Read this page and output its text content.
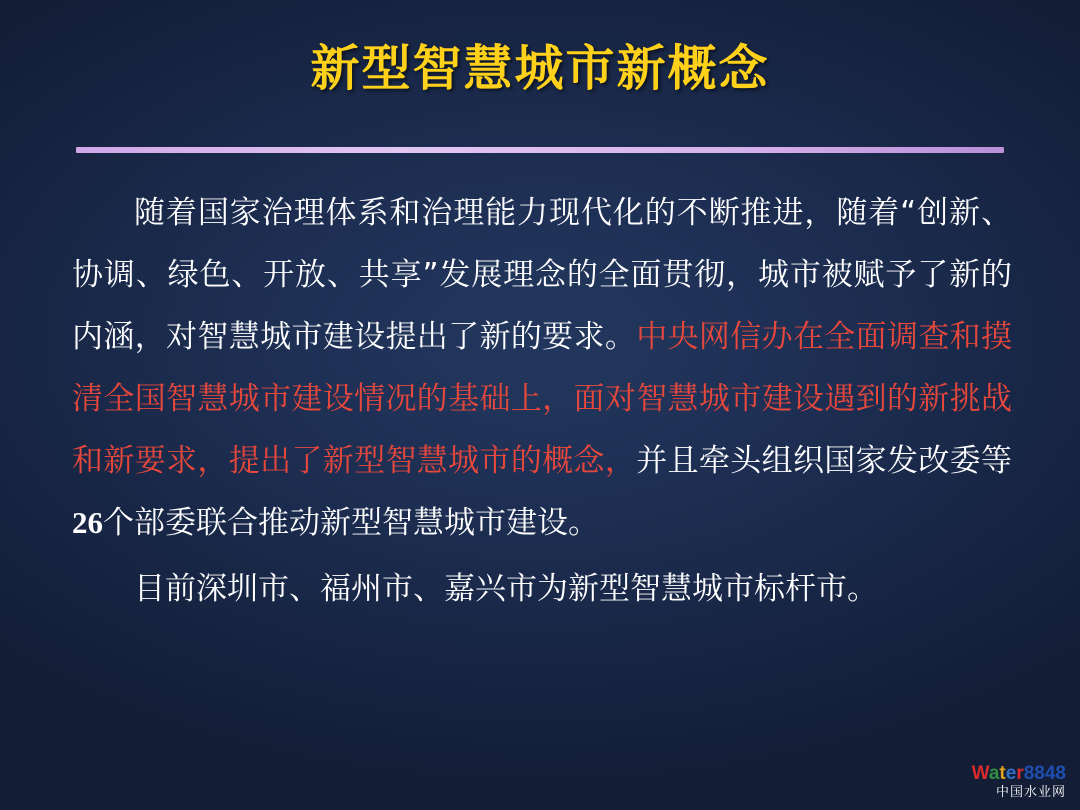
新型智慧城市新概念

随着国家治理体系和治理能力现代化的不断推进，随着“创新、协调、绿色、开放、共享”发展理念的全面贯彻，城市被赋予了新的内涵，对智慧城市建设提出了新的要求。中央网信办在全面调查和摸清全国智慧城市建设情况的基础上，面对智慧城市建设遇到的新挑战和新要求，提出了新型智慧城市的概念，并且牵头组织国家发改委等26个部委联合推动新型智慧城市建设。

目前深圳市、福州市、嘉兴市为新型智慧城市标杆市。

Water8848
中国水业网
